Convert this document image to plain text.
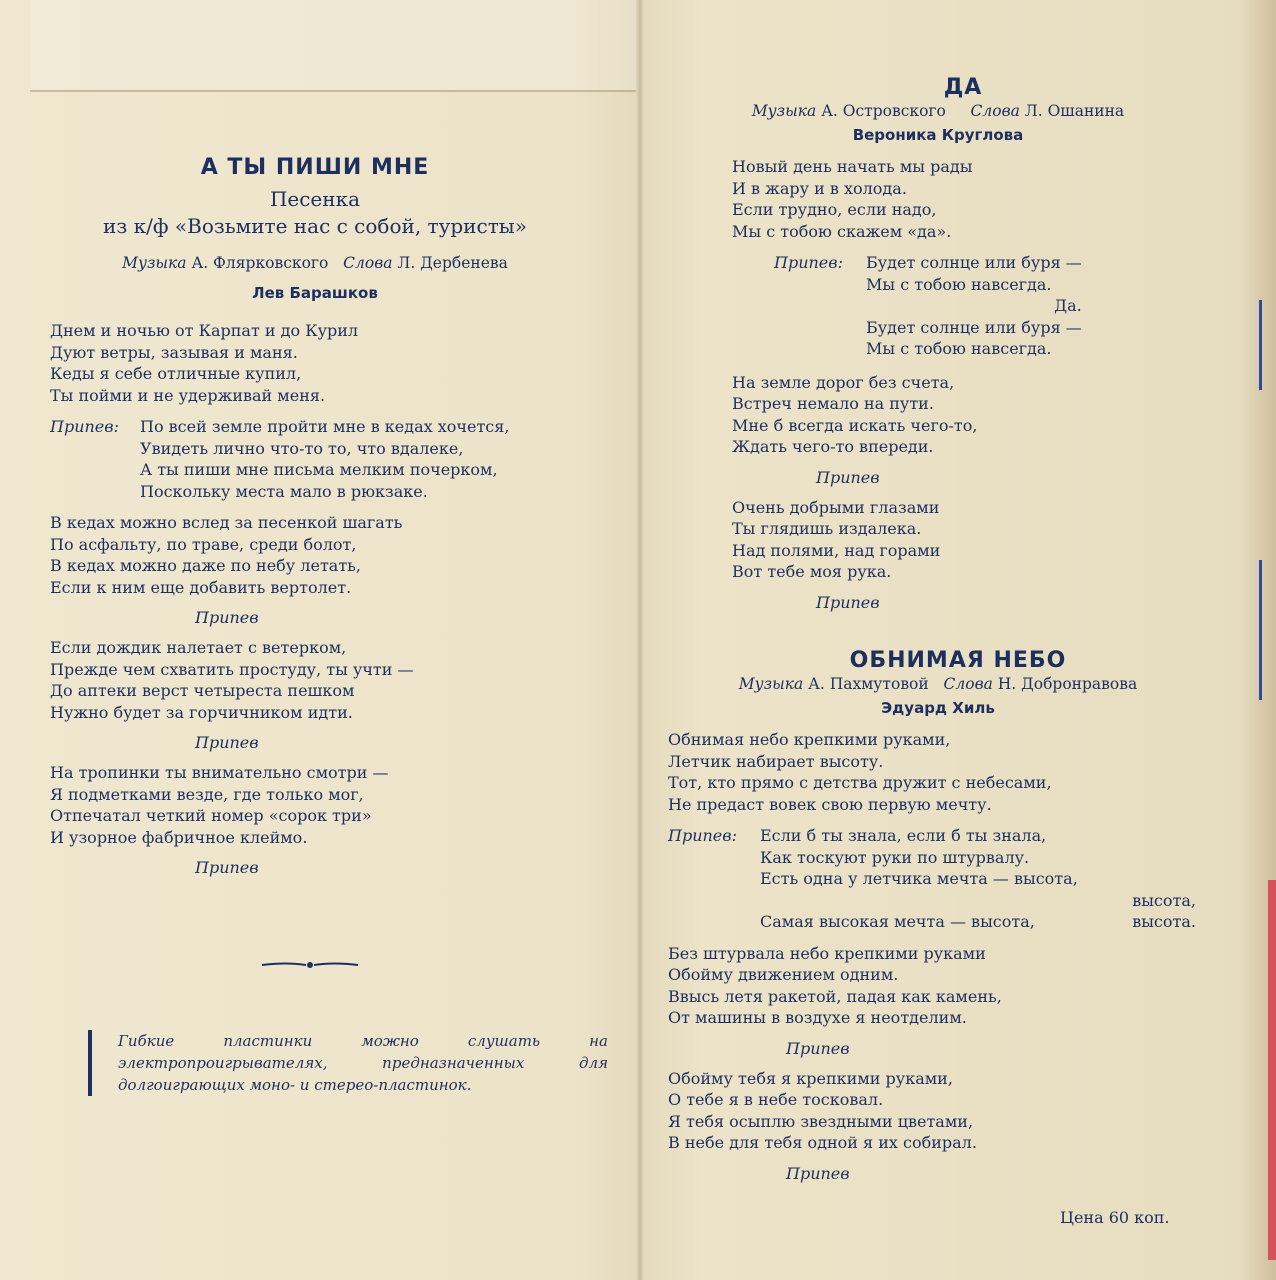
А ТЫ ПИШИ МНЕ

Песенка

из к/ф «Возьмите нас с собой, туристы»

Музыка А. Флярковского Слова Л. Дербенева

Лев Барашков

Днем и ночью от Карпат и до Курил
Дуют ветры, зазывая и маня.
Кеды я себе отличные купил,
Ты пойми и не удерживай меня.
Припев:	По всей земле пройти мне в кедах хочется,
Увидеть лично что-то то, что вдалеке,
А ты пиши мне письма мелким почерком,
Поскольку места мало в рюкзаке.
В кедах можно вслед за песенкой шагать
По асфальту, по траве, среди болот,
В кедах можно даже по небу летать,
Если к ним еще добавить вертолет.

Припев

Если дождик налетает с ветерком,
Прежде чем схватить простуду, ты учти —
До аптеки верст четыреста пешком
Нужно будет за горчичником идти.

Припев

На тропинки ты внимательно смотри —
Я подметками везде, где только мог,
Отпечатал четкий номер «сорок три»
И узорное фабричное клеймо.

Припев

Гибкие пластинки можно слушать на электропроигрывателях, предназначенных для долгоиграющих моно- и стерео-пластинок.

ДА

Музыка А. Островского Слова Л. Ошанина

Вероника Круглова

Новый день начать мы рады
И в жару и в холода.
Если трудно, если надо,
Мы с тобою скажем «да».
Припев:	Будет солнце или буря —
Мы с тобою навсегда.
Да.
Будет солнце или буря —
Мы с тобою навсегда.
На земле дорог без счета,
Встреч немало на пути.
Мне б всегда искать чего-то,
Ждать чего-то впереди.

Припев

Очень добрыми глазами
Ты глядишь издалека.
Над полями, над горами
Вот тебе моя рука.

Припев

ОБНИМАЯ НЕБО

Музыка А. Пахмутовой Слова Н. Добронравова

Эдуард Хиль

Обнимая небо крепкими руками,
Летчик набирает высоту.
Тот, кто прямо с детства дружит с небесами,
Не предаст вовек свою первую мечту.
Припев:	Если б ты знала, если б ты знала,
Как тоскуют руки по штурвалу.
Есть одна у летчика мечта — высота,
высота,
Самая высокая мечта — высота,	высота.
Без штурвала небо крепкими руками
Обойму движением одним.
Ввысь летя ракетой, падая как камень,
От машины в воздухе я неотделим.

Припев

Обойму тебя я крепкими руками,
О тебе я в небе тосковал.
Я тебя осыплю звездными цветами,
В небе для тебя одной я их собирал.

Припев

Цена 60 коп.
